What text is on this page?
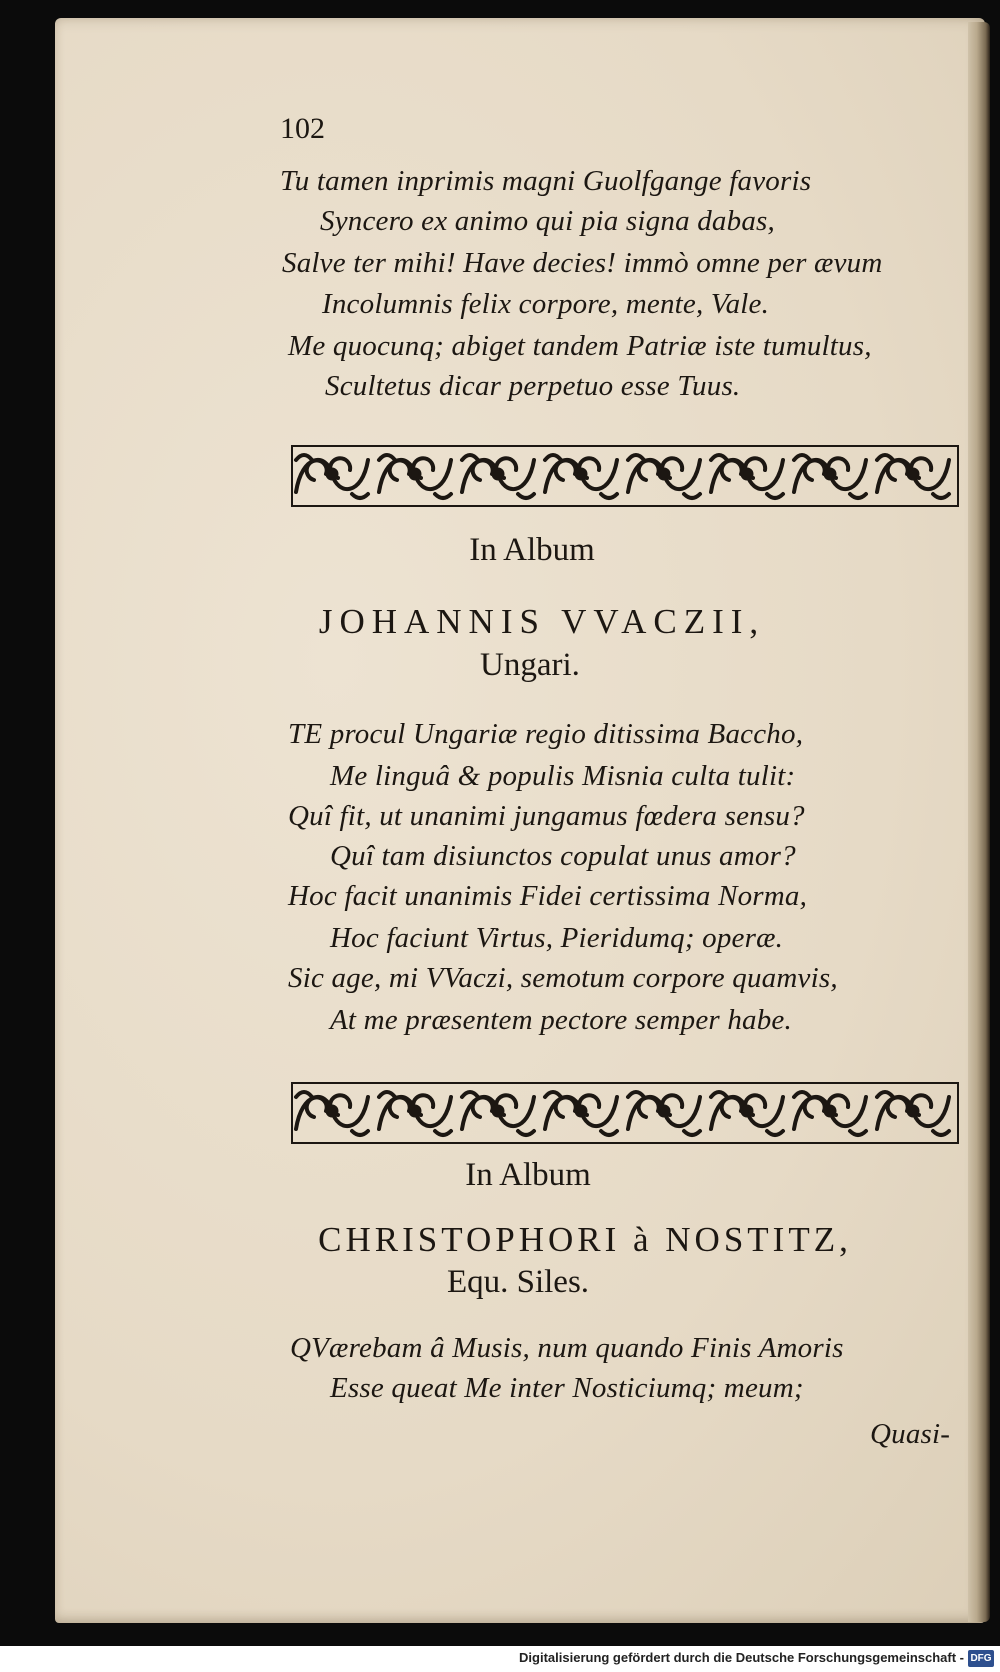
102
Tu tamen inprimis magni Guolfgange favoris
Syncero ex animo qui pia signa dabas,
Salve ter mihi! Have decies! immò omne per ævum
Incolumnis felix corpore, mente, Vale.
Me quocunq; abiget tandem Patriæ iste tumultus,
Scultetus dicar perpetuo esse Tuus.
In Album
JOHANNIS VVACZII,
Ungari.
TE procul Ungariæ regio ditissima Baccho,
Me linguâ & populis Misnia culta tulit:
Quî fit, ut unanimi jungamus fœdera sensu?
Quî tam disiunctos copulat unus amor?
Hoc facit unanimis Fidei certissima Norma,
Hoc faciunt Virtus, Pieridumq; operæ.
Sic age, mi VVaczi, semotum corpore quamvis,
At me præsentem pectore semper habe.
In Album
CHRISTOPHORI à NOSTITZ,
Equ. Siles.
QVærebam â Musis, num quando Finis Amoris
Esse queat Me inter Nosticiumq; meum;
Quasi-
Digitalisierung gefördert durch die Deutsche Forschungsgemeinschaft - DFG
